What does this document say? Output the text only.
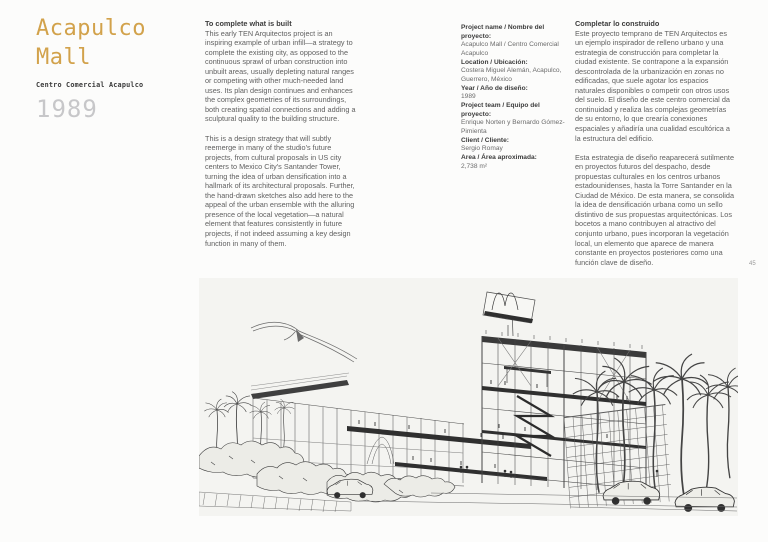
Acapulco
Mall
Centro Comercial Acapulco
1989
To complete what is built

This early TEN Arquitectos project is an inspiring example of urban infill—a strategy to complete the existing city, as opposed to the continuous sprawl of urban construction into unbuilt areas, usually depleting natural ranges or competing with other much-needed land uses. Its plan design continues and enhances the complex geometries of its surroundings, both creating spatial connections and adding a sculptural quality to the building structure.

This is a design strategy that will subtly reemerge in many of the studio's future projects, from cultural proposals in US city centers to Mexico City's Santander Tower, turning the idea of urban densification into a hallmark of its architectural proposals. Further, the hand-drawn sketches also add here to the appeal of the urban ensemble with the alluring presence of the local vegetation—a natural element that features consistently in future projects, if not indeed assuming a key design function in many of them.

Project name / Nombre del proyecto:
Acapulco Mall / Centro Comercial Acapulco
Location / Ubicación:
Costera Miguel Alemán, Acapulco, Guerrero, México
Year / Año de diseño:
1989
Project team / Equipo del proyecto:
Enrique Norten y Bernardo Gómez-Pimienta
Client / Cliente:
Sergio Romay
Area / Área aproximada:
2,738 m²
Completar lo construido

Este proyecto temprano de TEN Arquitectos es un ejemplo inspirador de relleno urbano y una estrategia de construcción para completar la ciudad existente. Se contrapone a la expansión descontrolada de la urbanización en zonas no edificadas, que suele agotar los espacios naturales disponibles o competir con otros usos del suelo. El diseño de este centro comercial da continuidad y realiza las complejas geometrías de su entorno, lo que crearía conexiones espaciales y añadiría una cualidad escultórica a la estructura del edificio.

Esta estrategia de diseño reaparecerá sutilmente en proyectos futuros del despacho, desde propuestas culturales en los centros urbanos estadounidenses, hasta la Torre Santander en la Ciudad de México. De esta manera, se consolida la idea de densificación urbana como un sello distintivo de sus propuestas arquitectónicas. Los bocetos a mano contribuyen al atractivo del conjunto urbano, pues incorporan la vegetación local, un elemento que aparece de manera constante en proyectos posteriores como una función clave de diseño.	45
